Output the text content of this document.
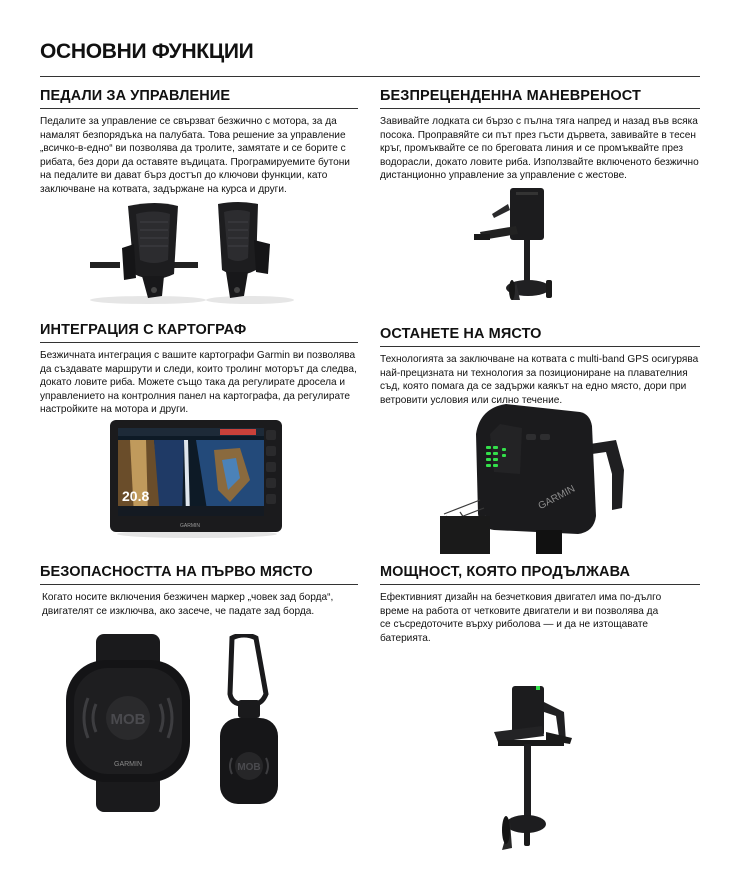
ОСНОВНИ ФУНКЦИИ
ПЕДАЛИ ЗА УПРАВЛЕНИЕ

Педалите за управление се свързват безжично с мотора, за да намалят безпорядъка на палубата. Това решение за управление „всичко-в-едно“ ви позволява да тролите, замятате и се борите с рибата, без дори да оставяте въдицата. Програмируемите бутони на педалите ви дават бърз достъп до ключови функции, като заключване на котвата, задържане на курса и други.

БЕЗПРЕЦЕНДЕННА МАНЕВРЕНОСТ

Завивайте лодката си бързо с пълна тяга напред и назад във всяка посока. Проправяйте си път през гъсти дървета, завивайте в тесен кръг, промъквайте се по бреговата линия и се промъквайте през водорасли, докато ловите риба. Използвайте включеното безжично дистанционно управление за управление с жестове.

ИНТЕГРАЦИЯ С КАРТОГРАФ

Безжичната интеграция с вашите картографи Garmin ви позволява да създавате маршрути и следи, които тролинг моторът да следва, докато ловите риба. Можете също така да регулирате дросела и управлението на контролния панел на картографа, да регулирате настройките на мотора и други.

20.8
GARMIN
ОСТАНЕТЕ НА МЯСТО

Технологията за заключване на котвата с multi-band GPS осигурява най-прецизната ни технология за позициониране на плавателния съд, която помага да се задържи каякът на едно място, дори при ветровити условия или силно течение.

GARMIN
БЕЗОПАСНОСТТА НА ПЪРВО МЯСТО

Когато носите включения безжичен маркер „човек зад борда“, двигателят се изключва, ако засече, че падате зад борда.

MOB
GARMIN	MOB
МОЩНОСТ, КОЯТО ПРОДЪЛЖАВА

Ефективният дизайн на безчетковия двигател има по-дълго време на работа от четковите двигатели и ви позволява да се съсредоточите върху риболова — и да не изтощавате батерията.
